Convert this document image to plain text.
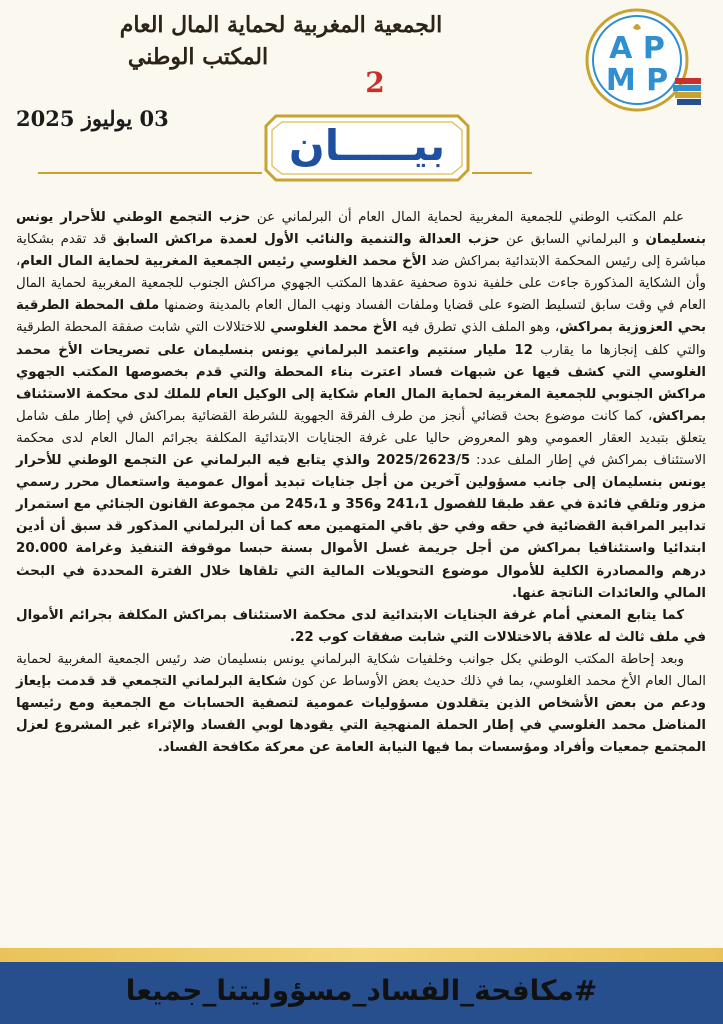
A P
M P
الجمعية المغربية لحماية المال العام
المكتب الوطني
2
03 يوليوز 2025
بيـــــان

علم المكتب الوطني للجمعية المغربية لحماية المال العام أن البرلماني عن حزب التجمع الوطني للأحرار يونس بنسليمان و البرلماني السابق عن حزب العدالة والتنمية والنائب الأول لعمدة مراكش السابق قد تقدم بشكاية مباشرة إلى رئيس المحكمة الابتدائية بمراكش ضد الأخ محمد الغلوسي رئيس الجمعية المغربية لحماية المال العام، وأن الشكاية المذكورة جاءت على خلفية ندوة صحفية عقدها المكتب الجهوي مراكش الجنوب للجمعية المغربية لحماية المال العام في وقت سابق لتسليط الضوء على قضايا وملفات الفساد ونهب المال العام بالمدينة وضمنها ملف المحطة الطرقية بحي العزوزية بمراكش، وهو الملف الذي تطرق فيه الأخ محمد الغلوسي للاختلالات التي شابت صفقة المحطة الطرقية والتي كلف إنجازها ما يقارب 12 مليار سنتيم واعتمد البرلماني يونس بنسليمان على تصريحات الأخ محمد الغلوسي التي كشف فيها عن شبهات فساد اعترت بناء المحطة والتي قدم بخصوصها المكتب الجهوي مراكش الجنوبي للجمعية المغربية لحماية المال العام شكاية إلى الوكيل العام للملك لدى محكمة الاستئناف بمراكش، كما كانت موضوع بحث قضائي أنجز من طرف الفرقة الجهوية للشرطة القضائية بمراكش في إطار ملف شامل يتعلق بتبديد العقار العمومي وهو المعروض حاليا على غرفة الجنايات الابتدائية المكلفة بجرائم المال العام لدى محكمة الاستئناف بمراكش في إطار الملف عدد: 2025/2623/5 والذي يتابع فيه البرلماني عن التجمع الوطني للأحرار يونس بنسليمان إلى جانب مسؤولين آخرين من أجل جنايات تبديد أموال عمومية واستعمال محرر رسمي مزور وتلقي فائدة في عقد طبقا للفصول 241،1 و356 و 245،1 من مجموعة القانون الجنائي مع استمرار تدابير المراقبة القضائية في حقه وفي حق باقي المتهمين معه كما أن البرلماني المذكور قد سبق أن أدين ابتدائيا واستئنافيا بمراكش من أجل جريمة غسل الأموال بسنة حبسا موقوفة التنفيذ وغرامة 20.000 درهم والمصادرة الكلية للأموال موضوع التحويلات المالية التي تلقاها خلال الفترة المحددة في البحث المالي والعائدات الناتجة عنها.

كما يتابع المعني أمام غرفة الجنايات الابتدائية لدى محكمة الاستئناف بمراكش المكلفة بجرائم الأموال في ملف ثالث له علاقة بالاختلالات التي شابت صفقات كوب 22.

وبعد إحاطة المكتب الوطني بكل جوانب وخلفيات شكاية البرلماني يونس بنسليمان ضد رئيس الجمعية المغربية لحماية المال العام الأخ محمد الغلوسي، بما في ذلك حديث بعض الأوساط عن كون شكاية البرلماني التجمعي قد قدمت بإيعاز ودعم من بعض الأشخاص الذين يتقلدون مسؤوليات عمومية لتصفية الحسابات مع الجمعية ومع رئيسها المناضل محمد الغلوسي في إطار الحملة المنهجية التي يقودها لوبي الفساد والإثراء غير المشروع لعزل المجتمع جمعيات وأفراد ومؤسسات بما فيها النيابة العامة عن معركة مكافحة الفساد.

#مكافحة_الفساد_مسؤوليتنا_جميعا
